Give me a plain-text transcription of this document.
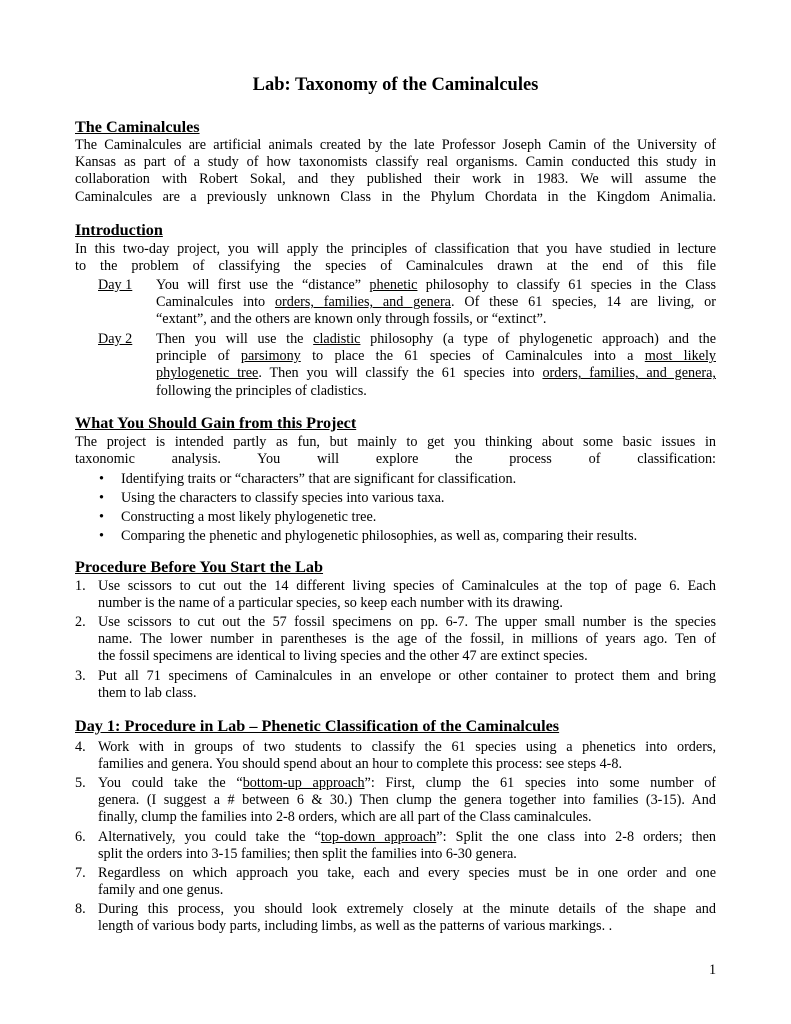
Lab: Taxonomy of the Caminalcules
The Caminalcules
The Caminalcules are artificial animals created by the late Professor Joseph Camin of the University of
Kansas as part of a study of how taxonomists classify real organisms. Camin conducted this study in
collaboration with Robert Sokal, and they published their work in 1983. We will assume the
Caminalcules are a previously unknown Class in the Phylum Chordata in the Kingdom Animalia.
Introduction
In this two-day project, you will apply the principles of classification that you have studied in lecture
to the problem of classifying the species of Caminalcules drawn at the end of this file
Day 1 You will first use the “distance” phenetic philosophy to classify 61 species in the Class
Caminalcules into orders, families, and genera. Of these 61 species, 14 are living, or
“extant”, and the others are known only through fossils, or “extinct”.
Day 2 Then you will use the cladistic philosophy (a type of phylogenetic approach) and the
principle of parsimony to place the 61 species of Caminalcules into a most likely
phylogenetic tree. Then you will classify the 61 species into orders, families, and genera,
following the principles of cladistics.
What You Should Gain from this Project
The project is intended partly as fun, but mainly to get you thinking about some basic issues in
taxonomic analysis. You will explore the process of classification:
• Identifying traits or “characters” that are significant for classification.
• Using the characters to classify species into various taxa.
• Constructing a most likely phylogenetic tree.
• Comparing the phenetic and phylogenetic philosophies, as well as, comparing their results.
Procedure Before You Start the Lab
1. Use scissors to cut out the 14 different living species of Caminalcules at the top of page 6. Each
number is the name of a particular species, so keep each number with its drawing.
2. Use scissors to cut out the 57 fossil specimens on pp. 6-7. The upper small number is the species
name. The lower number in parentheses is the age of the fossil, in millions of years ago. Ten of
the fossil specimens are identical to living species and the other 47 are extinct species.
3. Put all 71 specimens of Caminalcules in an envelope or other container to protect them and bring
them to lab class.
Day 1: Procedure in Lab – Phenetic Classification of the Caminalcules
4. Work with in groups of two students to classify the 61 species using a phenetics into orders,
families and genera. You should spend about an hour to complete this process: see steps 4-8.
5. You could take the “bottom-up approach”: First, clump the 61 species into some number of
genera. (I suggest a # between 6 & 30.) Then clump the genera together into families (3-15). And
finally, clump the families into 2-8 orders, which are all part of the Class caminalcules.
6. Alternatively, you could take the “top-down approach”: Split the one class into 2-8 orders; then
split the orders into 3-15 families; then split the families into 6-30 genera.
7. Regardless on which approach you take, each and every species must be in one order and one
family and one genus.
8. During this process, you should look extremely closely at the minute details of the shape and
length of various body parts, including limbs, as well as the patterns of various markings. .
1
